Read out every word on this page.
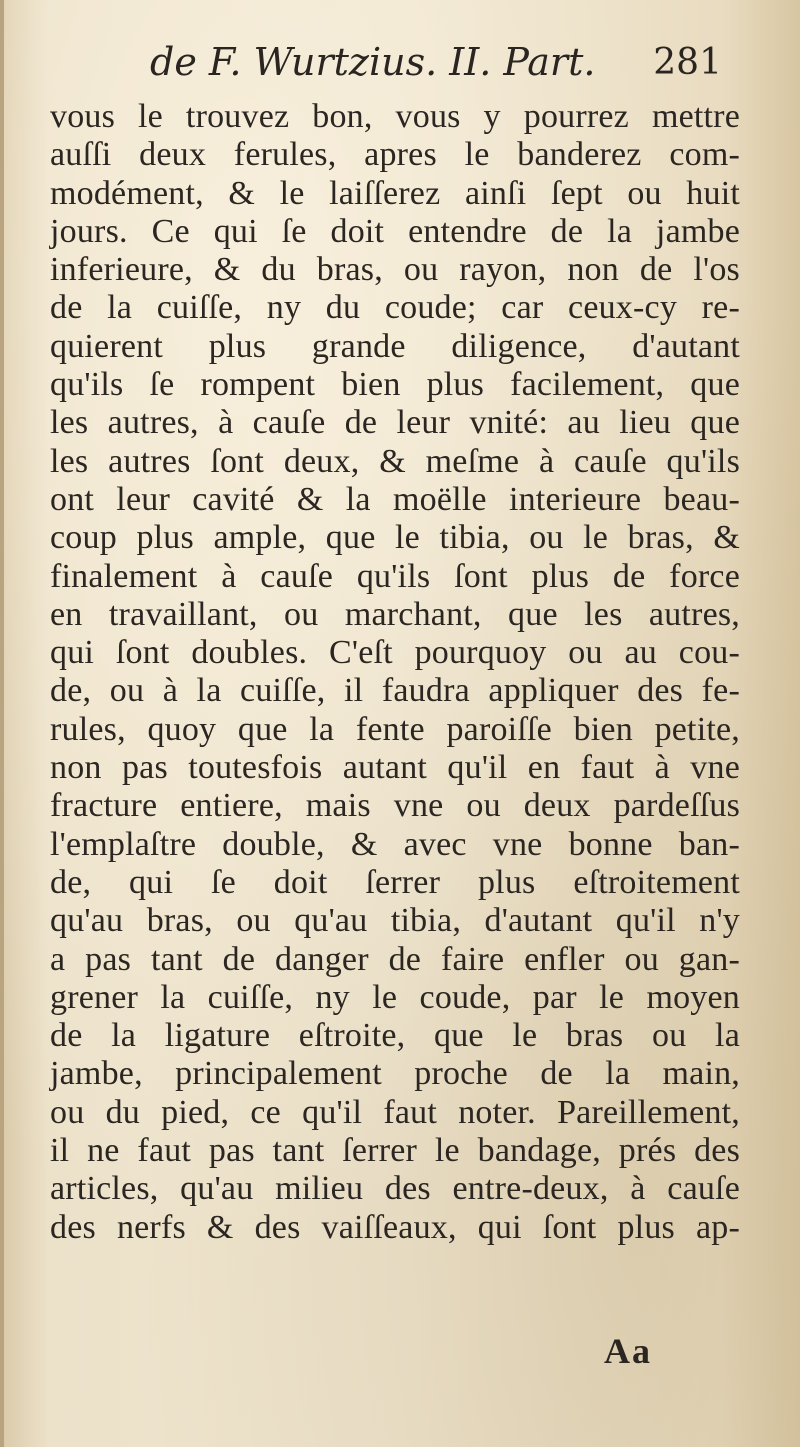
de F. Wurtzius. II. Part. 281
vous le trouvez bon, vous y pourrez mettre
auſſi deux ferules, apres le banderez com-
modément, & le laiſſerez ainſi ſept ou huit
jours. Ce qui ſe doit entendre de la jambe
inferieure, & du bras, ou rayon, non de l'os
de la cuiſſe, ny du coude; car ceux-cy re-
quierent plus grande diligence, d'autant
qu'ils ſe rompent bien plus facilement, que
les autres, à cauſe de leur vnité: au lieu que
les autres ſont deux, & meſme à cauſe qu'ils
ont leur cavité & la moëlle interieure beau-
coup plus ample, que le tibia, ou le bras, &
finalement à cauſe qu'ils ſont plus de force
en travaillant, ou marchant, que les autres,
qui ſont doubles. C'eſt pourquoy ou au cou-
de, ou à la cuiſſe, il faudra appliquer des fe-
rules, quoy que la fente paroiſſe bien petite,
non pas toutesfois autant qu'il en faut à vne
fracture entiere, mais vne ou deux pardeſſus
l'emplaſtre double, & avec vne bonne ban-
de, qui ſe doit ſerrer plus eſtroitement
qu'au bras, ou qu'au tibia, d'autant qu'il n'y
a pas tant de danger de faire enfler ou gan-
grener la cuiſſe, ny le coude, par le moyen
de la ligature eſtroite, que le bras ou la
jambe, principalement proche de la main,
ou du pied, ce qu'il faut noter. Pareillement,
il ne faut pas tant ſerrer le bandage, prés des
articles, qu'au milieu des entre-deux, à cauſe
des nerfs & des vaiſſeaux, qui ſont plus ap-
Aa
